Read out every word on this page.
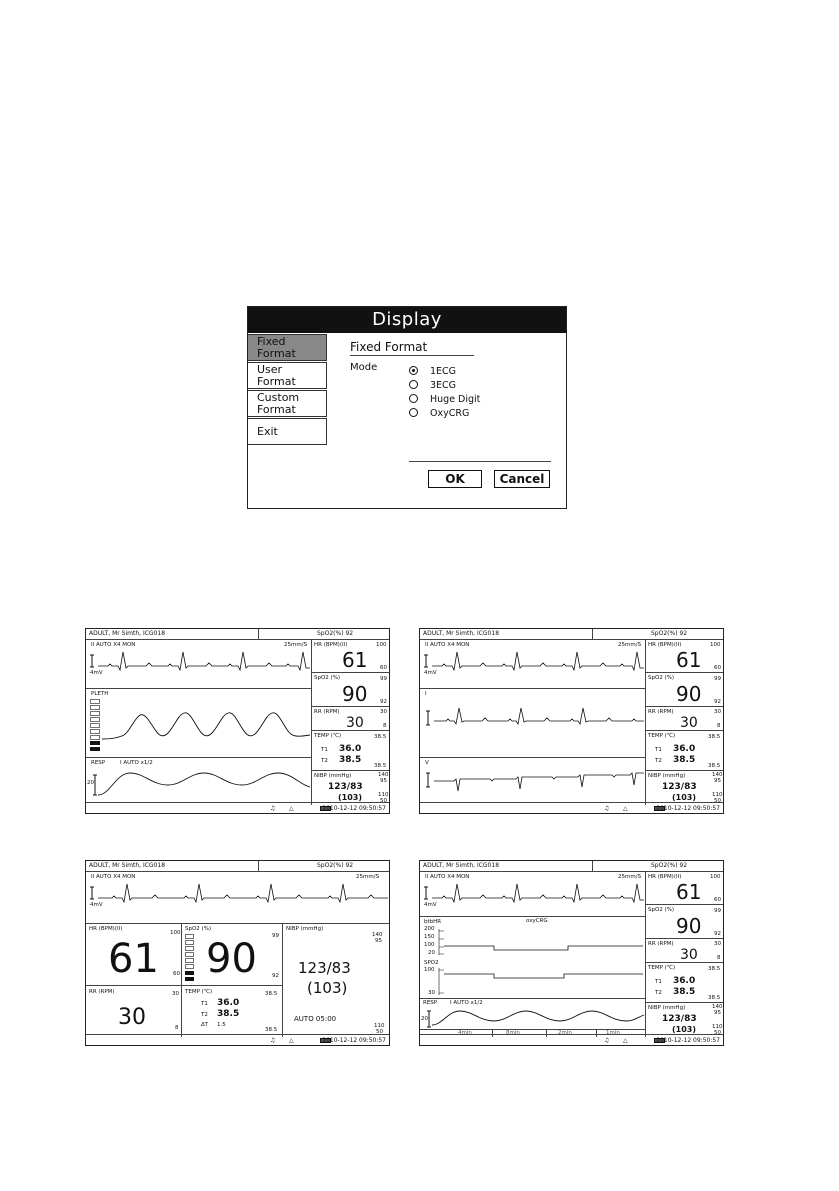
Display
Fixed
Format
User
Format
Custom
Format
Exit
Fixed Format
Mode	1ECG
3ECG
Huge Digit
OxyCRG
OK	Cancel
ADULT, Mr Simth, ICG018	SpO2(%) 92
II AUTO X4 MON	25mm/S
4mV
PLETH
RESP	I AUTO x1/2
20
HR (BPM)(II)	100
61 60
SpO2 (%)	99
90 92
RR (RPM)	30
30	8
TEMP (℃)	38.5
T1 36.0
T2 38.5
38.5
NIBP (mmHg)	140
95
123/83
(103)	110
50
♫ △	2010-12-12 09:50:57
ADULT, Mr Simth, ICG018	SpO2(%) 92
II AUTO X4 MON	25mm/S
4mV
I
V
HR (BPM)(II)	100
61 60
SpO2 (%)	99
90 92
RR (RPM)	30
30	8
TEMP (℃)	38.5
T1 36.0
T2 38.5
38.5
NIBP (mmHg)	140
95
123/83
(103)	110
50
♫ △	2010-12-12 09:50:57
ADULT, Mr Simth, ICG018	SpO2(%) 92
II AUTO X4 MON	25mm/S
4mV
HR (BPM)(II)
100
61	60
SpO2 (%)
99
90	92
RR (RPM)	30
30	8
TEMP (℃)	38.5
T1 36.0
T2 38.5
ΔT 1.5
38.5
NIBP (mmHg)
140
95
123/83
(103)
AUTO 05:00
110
50
♫ △	2010-12-12 09:50:57
ADULT, Mr Simth, ICG018	SpO2(%) 92
II AUTO X4 MON	25mm/S
4mV
btbHR	oxyCRG
200
150
100
20
SPO2
100
30
RESP I AUTO x1/2
20
4min	8min	2min	1min
HR (BPM)(II)	100
61 60
SpO2 (%)	99
90 92
RR (RPM)	30
30	8
TEMP (℃)	38.5
T1 36.0
T2 38.5
38.5
NIBP (mmHg)	140
95
123/83
(103)	110
50
♫ △	2010-12-12 09:50:57
